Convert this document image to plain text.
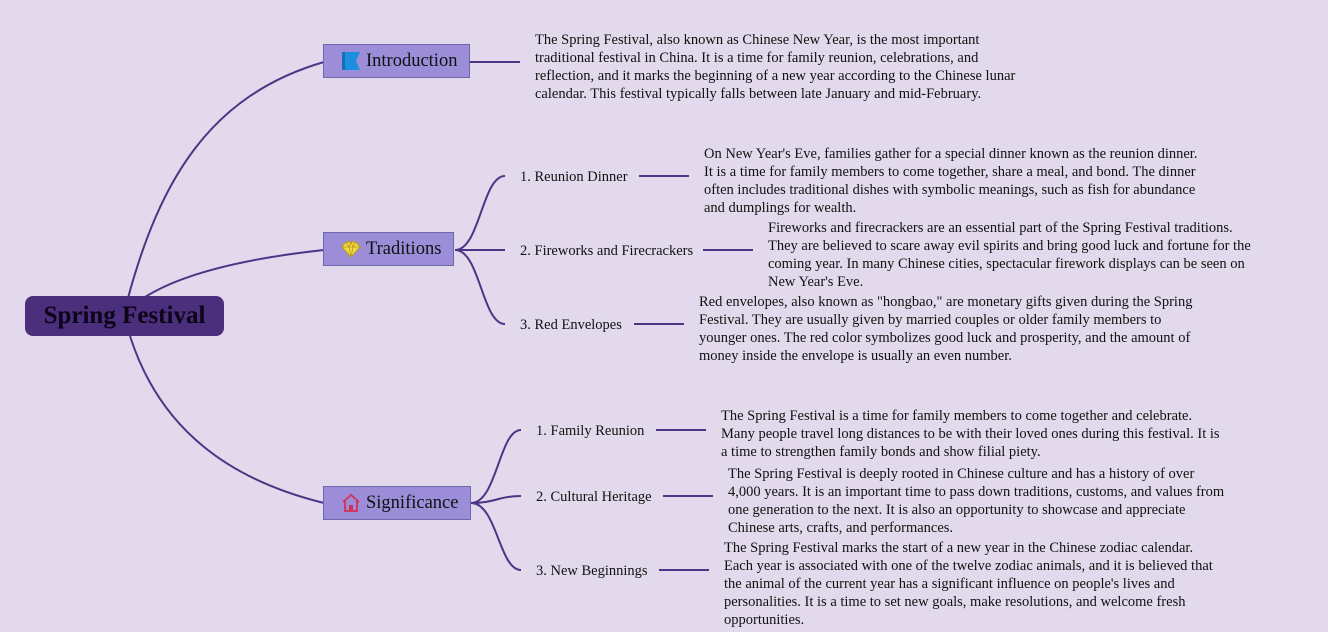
Spring Festival
Introduction
The Spring Festival, also known as Chinese New Year, is the most important traditional festival in China. It is a time for family reunion, celebrations, and reflection, and it marks the beginning of a new year according to the Chinese lunar calendar. This festival typically falls between late January and mid-February.
Traditions
1. Reunion Dinner
On New Year's Eve, families gather for a special dinner known as the reunion dinner. It is a time for family members to come together, share a meal, and bond. The dinner often includes traditional dishes with symbolic meanings, such as fish for abundance and dumplings for wealth.
2. Fireworks and Firecrackers
Fireworks and firecrackers are an essential part of the Spring Festival traditions. They are believed to scare away evil spirits and bring good luck and fortune for the coming year. In many Chinese cities, spectacular firework displays can be seen on New Year's Eve.
3. Red Envelopes
Red envelopes, also known as "hongbao," are monetary gifts given during the Spring Festival. They are usually given by married couples or older family members to younger ones. The red color symbolizes good luck and prosperity, and the amount of money inside the envelope is usually an even number.
Significance
1. Family Reunion
The Spring Festival is a time for family members to come together and celebrate. Many people travel long distances to be with their loved ones during this festival. It is a time to strengthen family bonds and show filial piety.
2. Cultural Heritage
The Spring Festival is deeply rooted in Chinese culture and has a history of over 4,000 years. It is an important time to pass down traditions, customs, and values from one generation to the next. It is also an opportunity to showcase and appreciate Chinese arts, crafts, and performances.
3. New Beginnings
The Spring Festival marks the start of a new year in the Chinese zodiac calendar. Each year is associated with one of the twelve zodiac animals, and it is believed that the animal of the current year has a significant influence on people's lives and personalities. It is a time to set new goals, make resolutions, and welcome fresh opportunities.
